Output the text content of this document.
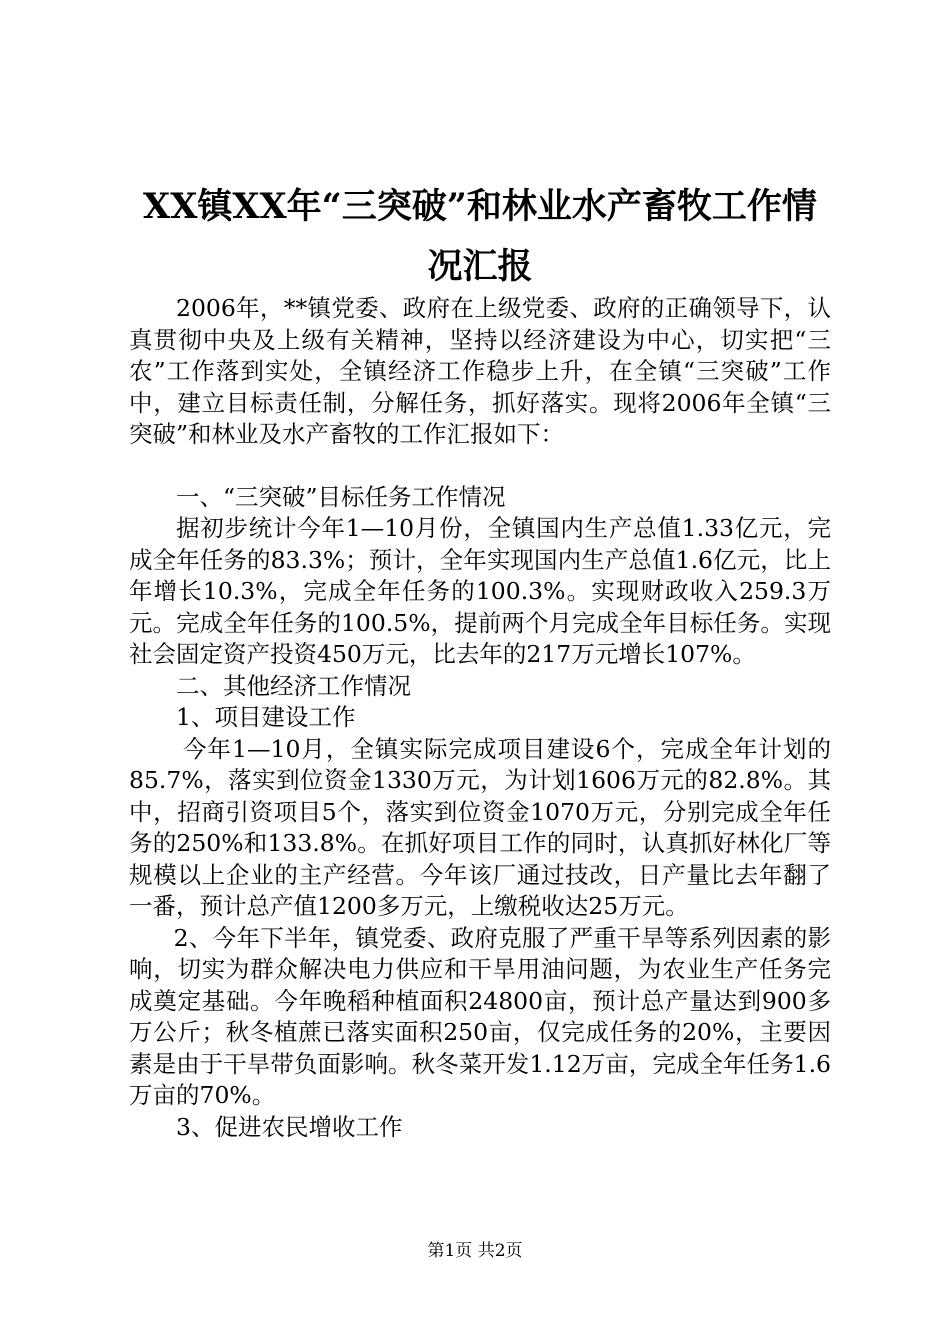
XX镇XX年“三突破”和林业水产畜牧工作情
况汇报

2006年，**镇党委、政府在上级党委、政府的正确领导下，认真贯彻中央及上级有关精神，坚持以经济建设为中心，切实把“三农”工作落到实处，全镇经济工作稳步上升，在全镇“三突破”工作中，建立目标责任制，分解任务，抓好落实。现将2006年全镇“三突破”和林业及水产畜牧的工作汇报如下：

一、“三突破”目标任务工作情况

据初步统计今年1—10月份，全镇国内生产总值1.33亿元，完成全年任务的83.3%；预计，全年实现国内生产总值1.6亿元，比上年增长10.3%，完成全年任务的100.3%。实现财政收入259.3万元。完成全年任务的100.5%，提前两个月完成全年目标任务。实现社会固定资产投资450万元，比去年的217万元增长107%。

二、其他经济工作情况

1、项目建设工作

今年1—10月，全镇实际完成项目建设6个，完成全年计划的85.7%，落实到位资金1330万元，为计划1606万元的82.8%。其中，招商引资项目5个，落实到位资金1070万元，分别完成全年任务的250%和133.8%。在抓好项目工作的同时，认真抓好林化厂等规模以上企业的主产经营。今年该厂通过技改，日产量比去年翻了一番，预计总产值1200多万元，上缴税收达25万元。

2、今年下半年，镇党委、政府克服了严重干旱等系列因素的影响，切实为群众解决电力供应和干旱用油问题，为农业生产任务完成奠定基础。今年晚稻种植面积24800亩，预计总产量达到900多万公斤；秋冬植蔗已落实面积250亩，仅完成任务的20%，主要因素是由于干旱带负面影响。秋冬菜开发1.12万亩，完成全年任务1.6万亩的70%。

3、促进农民增收工作

第1页 共2页
